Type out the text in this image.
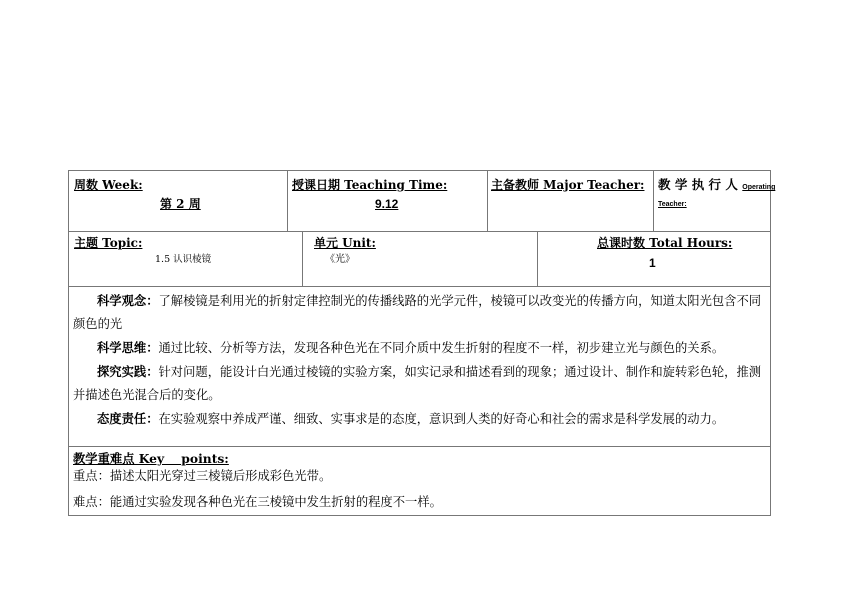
周数 Week:
第 2 周
授课日期 Teaching Time:
9.12
主备教师 Major Teacher: 教 学 执 行 人 Operating
Teacher:
主题 Topic:
1.5 认识棱镜
单元 Unit:
《光》
总课时数 Total Hours:
1

科学观念：了解棱镜是利用光的折射定律控制光的传播线路的光学元件，棱镜可以改变光的传播方向，知道太阳光包含不同颜色的光

科学思维：通过比较、分析等方法，发现各种色光在不同介质中发生折射的程度不一样，初步建立光与颜色的关系。

探究实践：针对问题，能设计白光通过棱镜的实验方案，如实记录和描述看到的现象；通过设计、制作和旋转彩色轮，推测并描述色光混合后的变化。

态度责任：在实验观察中养成严谨、细致、实事求是的态度，意识到人类的好奇心和社会的需求是科学发展的动力。

教学重难点 Key    points:
重点：描述太阳光穿过三棱镜后形成彩色光带。
难点：能通过实验发现各种色光在三棱镜中发生折射的程度不一样。
